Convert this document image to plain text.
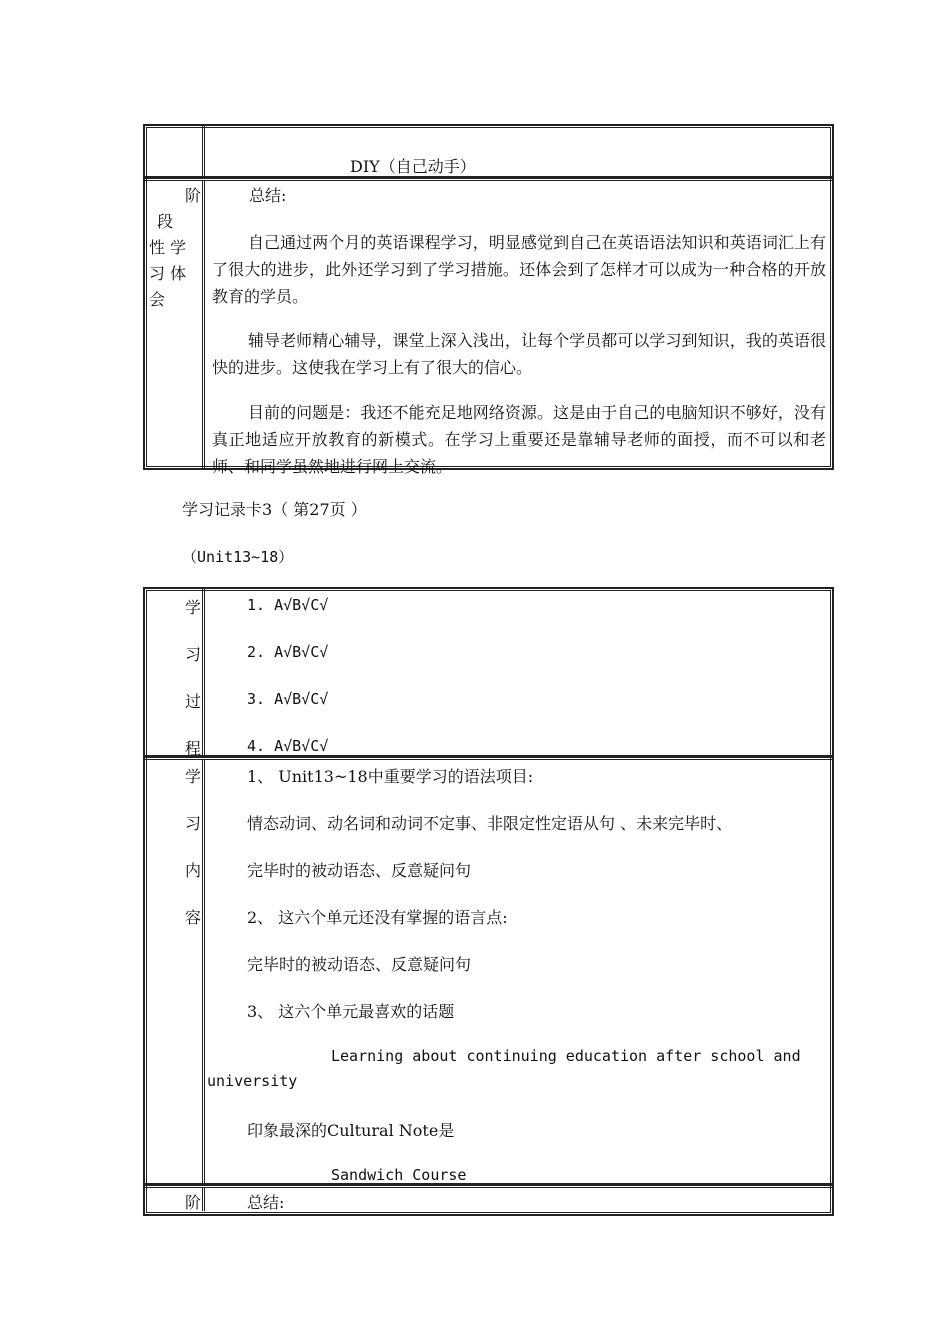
DIY（自己动手）
阶
段
性 学
习 体
会
总结:
自己通过两个月的英语课程学习，明显感觉到自己在英语语法知识和英语词汇上有了很大的进步，此外还学习到了学习措施。还体会到了怎样才可以成为一种合格的开放教育的学员。
辅导老师精心辅导，课堂上深入浅出，让每个学员都可以学习到知识，我的英语很快的进步。这使我在学习上有了很大的信心。
目前的问题是：我还不能充足地网络资源。这是由于自己的电脑知识不够好，没有真正地适应开放教育的新模式。在学习上重要还是靠辅导老师的面授，而不可以和老师、和同学虽然地进行网上交流。
学习记录卡3（ 第27页 ）
（Unit13~18）
学
习
过
程
1. A√B√C√
2. A√B√C√
3. A√B√C√
4. A√B√C√
学
习
内
容
1、 Unit13~18中重要学习的语法项目:
情态动词、动名词和动词不定事、非限定性定语从句 、未来完毕时、
完毕时的被动语态、反意疑问句
2、 这六个单元还没有掌握的语言点:
完毕时的被动语态、反意疑问句
3、 这六个单元最喜欢的话题
Learning about continuing education after school and
university
印象最深的Cultural Note是
Sandwich Course
阶	总结:
